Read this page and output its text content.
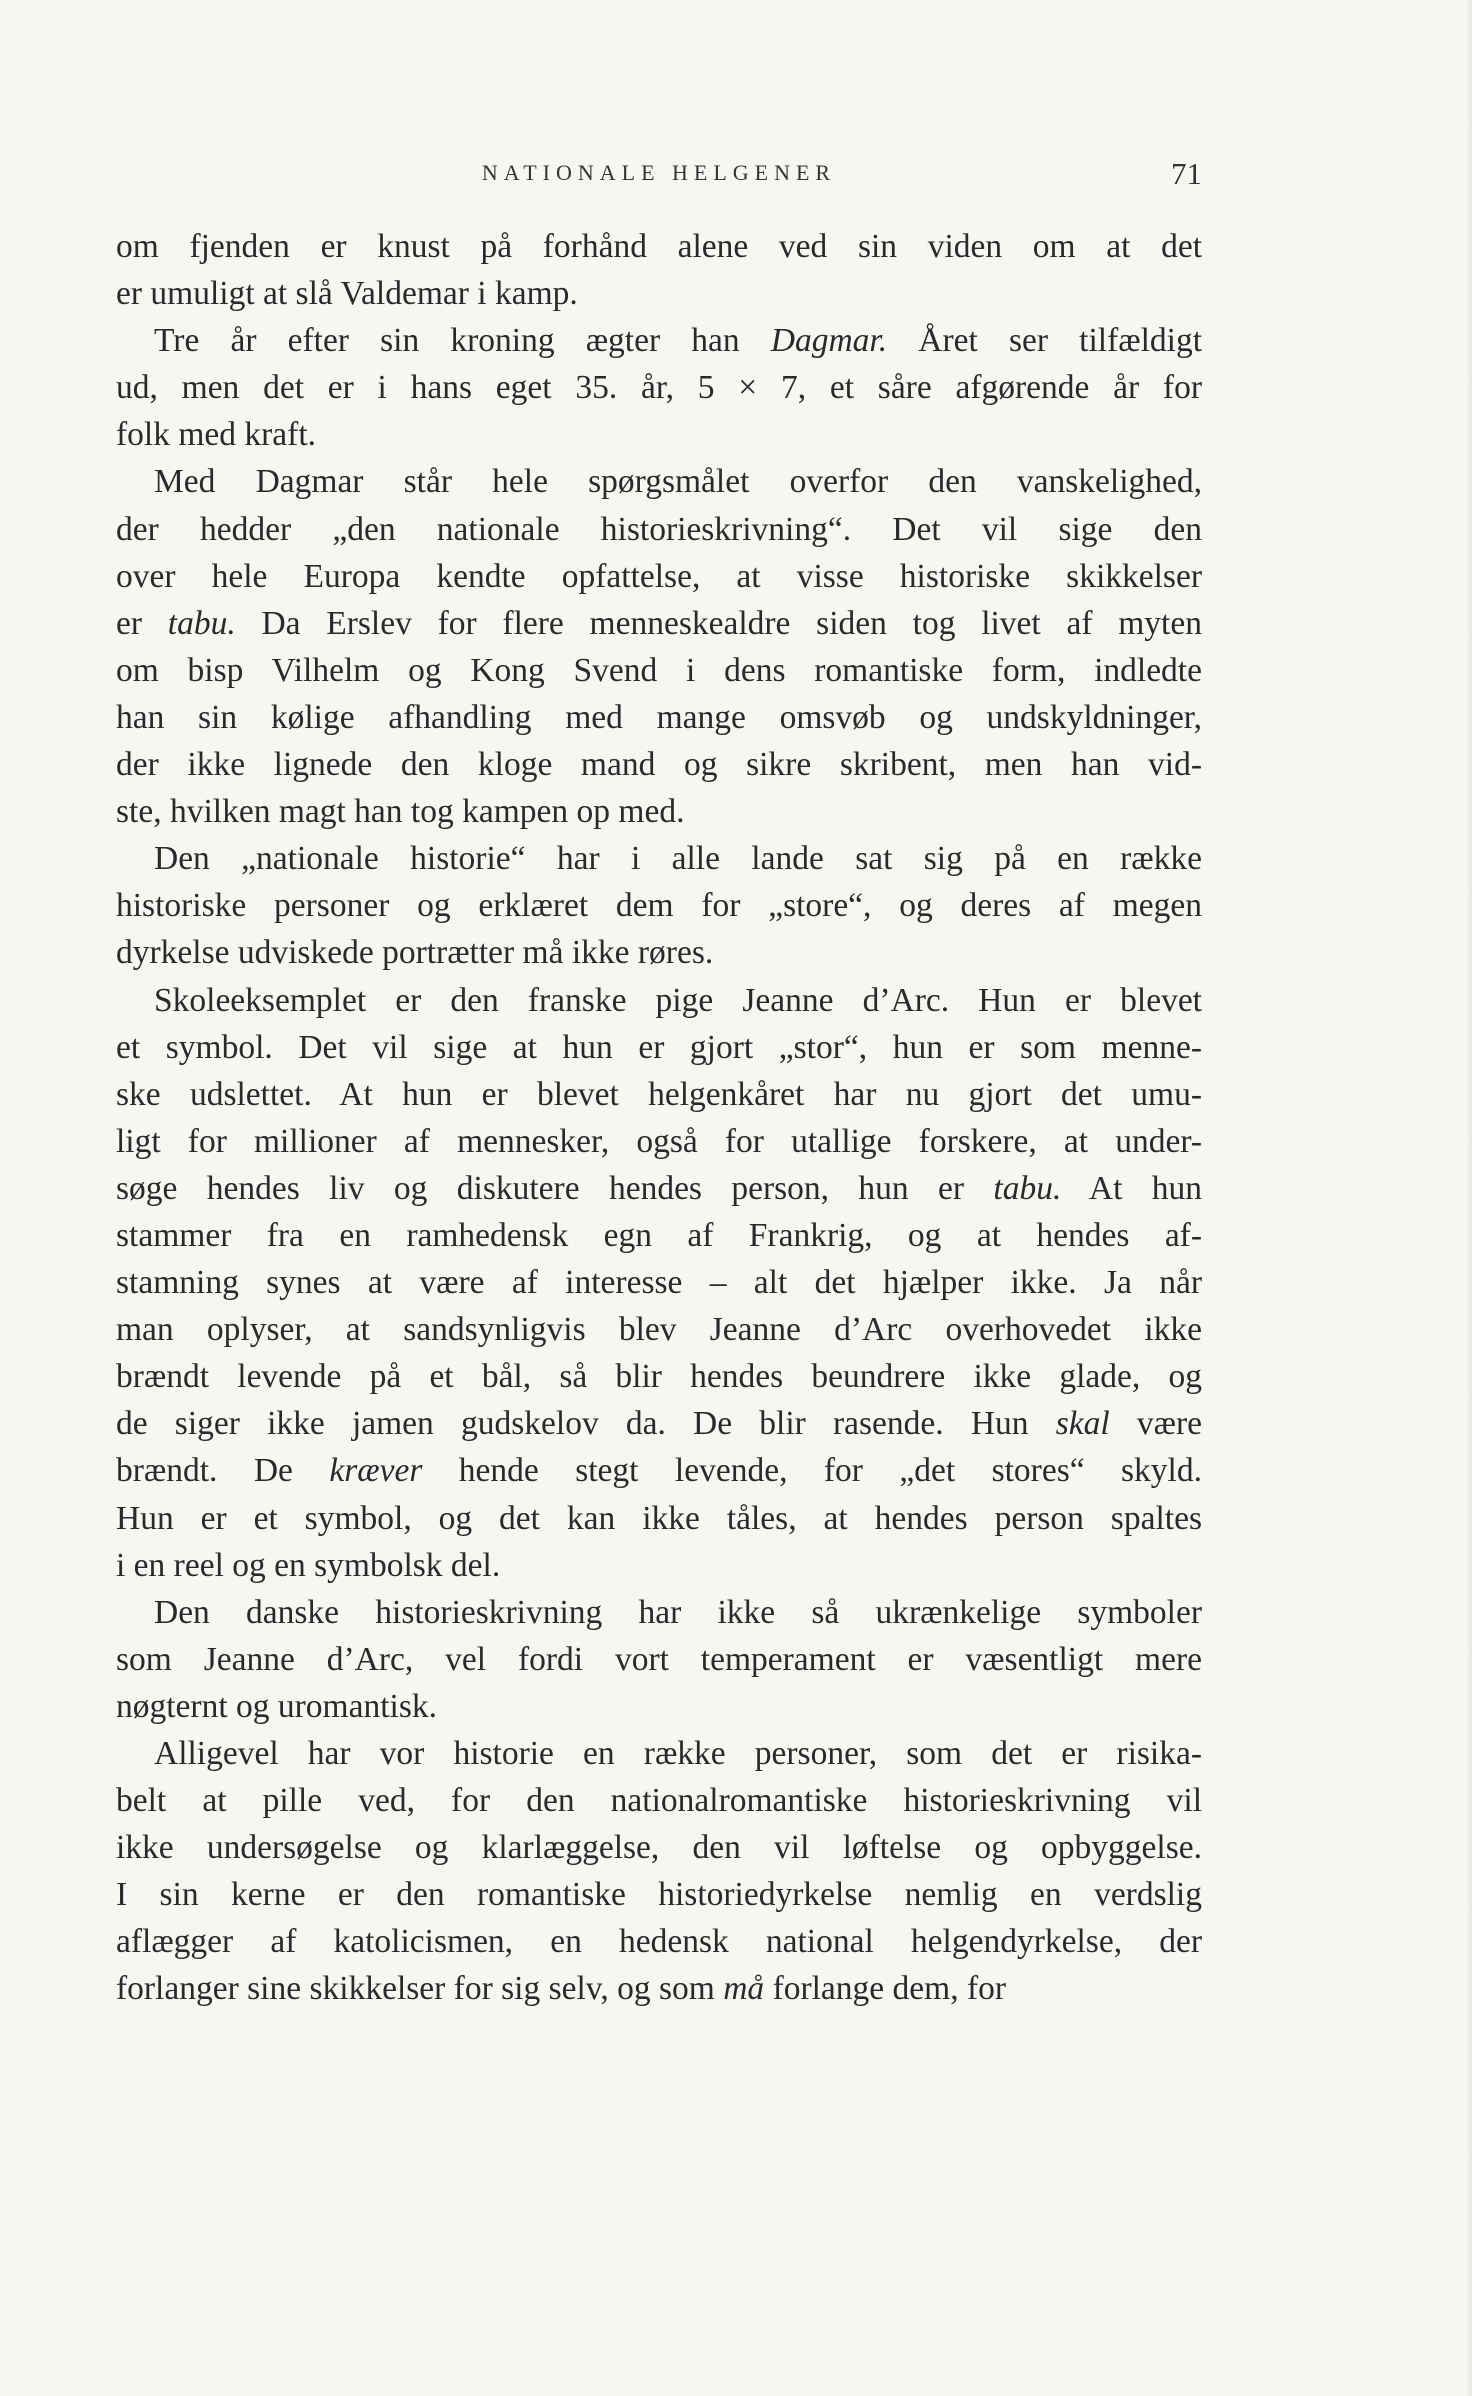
NATIONALE HELGENER	71
om fjenden er knust på forhånd alene ved sin viden om at det
er umuligt at slå Valdemar i kamp.
Tre år efter sin kroning ægter han Dagmar. Året ser tilfældigt
ud, men det er i hans eget 35. år, 5 × 7, et såre afgørende år for
folk med kraft.
Med Dagmar står hele spørgsmålet overfor den vanskelighed,
der hedder „den nationale historieskrivning“. Det vil sige den
over hele Europa kendte opfattelse, at visse historiske skikkelser
er tabu. Da Erslev for flere menneskealdre siden tog livet af myten
om bisp Vilhelm og Kong Svend i dens romantiske form, indledte
han sin kølige afhandling med mange omsvøb og undskyldninger,
der ikke lignede den kloge mand og sikre skribent, men han vid-
ste, hvilken magt han tog kampen op med.
Den „nationale historie“ har i alle lande sat sig på en række
historiske personer og erklæret dem for „store“, og deres af megen
dyrkelse udviskede portrætter må ikke røres.
Skoleeksemplet er den franske pige Jeanne d’Arc. Hun er blevet
et symbol. Det vil sige at hun er gjort „stor“, hun er som menne-
ske udslettet. At hun er blevet helgenkåret har nu gjort det umu-
ligt for millioner af mennesker, også for utallige forskere, at under-
søge hendes liv og diskutere hendes person, hun er tabu. At hun
stammer fra en ramhedensk egn af Frankrig, og at hendes af-
stamning synes at være af interesse – alt det hjælper ikke. Ja når
man oplyser, at sandsynligvis blev Jeanne d’Arc overhovedet ikke
brændt levende på et bål, så blir hendes beundrere ikke glade, og
de siger ikke jamen gudskelov da. De blir rasende. Hun skal være
brændt. De kræver hende stegt levende, for „det stores“ skyld.
Hun er et symbol, og det kan ikke tåles, at hendes person spaltes
i en reel og en symbolsk del.
Den danske historieskrivning har ikke så ukrænkelige symboler
som Jeanne d’Arc, vel fordi vort temperament er væsentligt mere
nøgternt og uromantisk.
Alligevel har vor historie en række personer, som det er risika-
belt at pille ved, for den nationalromantiske historieskrivning vil
ikke undersøgelse og klarlæggelse, den vil løftelse og opbyggelse.
I sin kerne er den romantiske historiedyrkelse nemlig en verdslig
aflægger af katolicismen, en hedensk national helgendyrkelse, der
forlanger sine skikkelser for sig selv, og som må forlange dem, for
